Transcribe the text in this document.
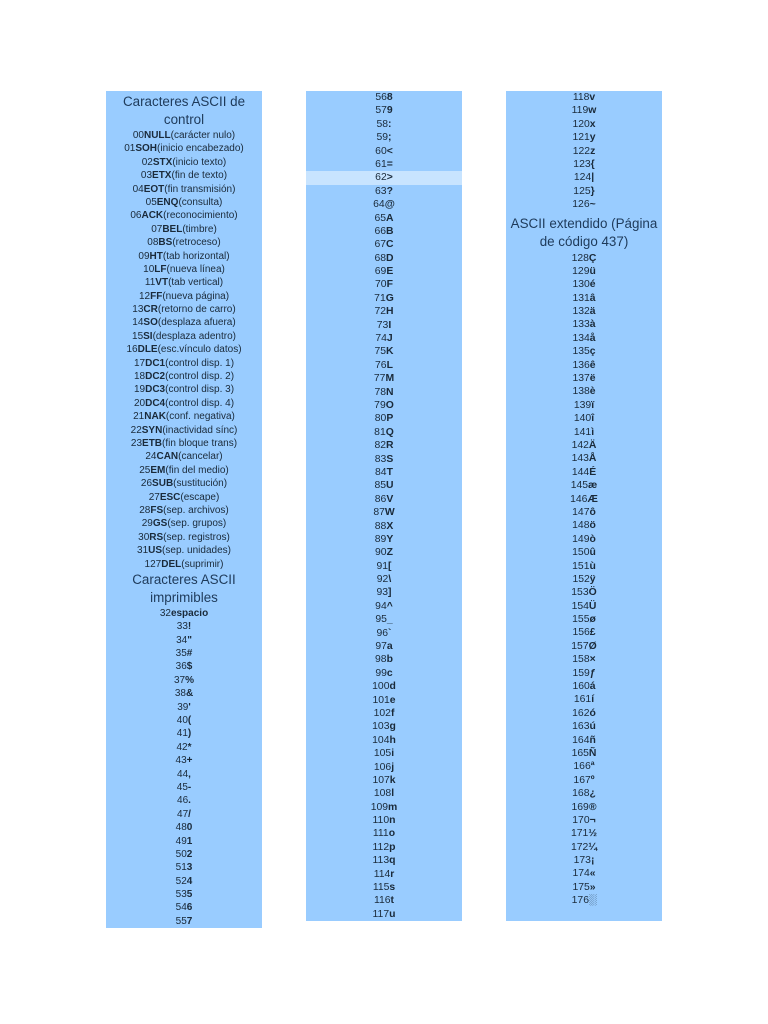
Caracteres ASCII de control
00NULL(carácter nulo)
01SOH(inicio encabezado)
02STX(inicio texto)
03ETX(fin de texto)
04EOT(fin transmisión)
05ENQ(consulta)
06ACK(reconocimiento)
07BEL(timbre)
08BS(retroceso)
09HT(tab horizontal)
10LF(nueva línea)
11VT(tab vertical)
12FF(nueva página)
13CR(retorno de carro)
14SO(desplaza afuera)
15SI(desplaza adentro)
16DLE(esc.vínculo datos)
17DC1(control disp. 1)
18DC2(control disp. 2)
19DC3(control disp. 3)
20DC4(control disp. 4)
21NAK(conf. negativa)
22SYN(inactividad sínc)
23ETB(fin bloque trans)
24CAN(cancelar)
25EM(fin del medio)
26SUB(sustitución)
27ESC(escape)
28FS(sep. archivos)
29GS(sep. grupos)
30RS(sep. registros)
31US(sep. unidades)
127DEL(suprimir)
Caracteres ASCII imprimibles
32espacio
33!
34"
35#
36$
37%
38&
39'
40(
41)
42*
43+
44,
45-
46.
47/
480
491
502
513
524
535
546
557
568
579
58:
59;
60<
61=
62>
63?
64@
65A
66B
67C
68D
69E
70F
71G
72H
73I
74J
75K
76L
77M
78N
79O
80P
81Q
82R
83S
84T
85U
86V
87W
88X
89Y
90Z
91[
92\
93]
94^
95_
96`
97a
98b
99c
100d
101e
102f
103g
104h
105i
106j
107k
108l
109m
110n
111o
112p
113q
114r
115s
116t
117u
118v
119w
120x
121y
122z
123{
124|
125}
126~
ASCII extendido (Página de código 437)
128Ç
129ü
130é
131â
132ä
133à
134å
135ç
136ê
137ë
138è
139ï
140î
141ì
142Ä
143Å
144É
145æ
146Æ
147ô
148ö
149ò
150û
151ù
152ÿ
153Ö
154Ü
155ø
156£
157Ø
158×
159ƒ
160á
161í
162ó
163ú
164ñ
165Ñ
166ª
167º
168¿
169®
170¬
171½
172¼
173¡
174«
175»
176░
